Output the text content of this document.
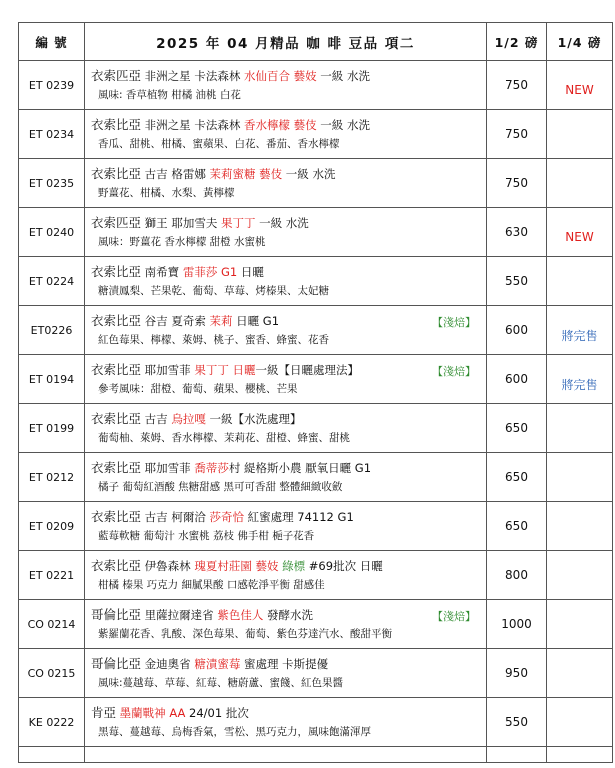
編 號	2025 年 04 月精品 咖 啡 豆品 項二	1/2 磅	1/4 磅
ET 0239	衣索匹亞 非洲之星 卡法森林 水仙百合 藝妓 一級 水洗
風味: 香草植物 柑橘 油桃 白花	750	NEW
ET 0234	衣索比亞 非洲之星 卡法森林 香水檸檬 藝伎 一級 水洗
香瓜、甜桃、柑橘、蜜蘋果、白花、番茄、香水檸檬	750	
ET 0235	衣索比亞 古吉 格雷娜 茉莉蜜糖 藝伎 一級 水洗
野薑花、柑橘、水梨、黃檸檬	750	
ET 0240	衣索匹亞 獅王 耶加雪夫 果丁丁 一級 水洗
風味：野薑花 香水檸檬 甜橙 水蜜桃	630	NEW
ET 0224	衣索比亞 南希寶 雷菲莎 G1 日曬
糖漬鳳梨、芒果乾、葡萄、草莓、烤榛果、太妃糖	550	
ET0226	衣索比亞 谷吉 夏奇索 茉莉 日曬 G1
紅色莓果、檸檬、萊姆、桃子、蜜香、蜂蜜、花香
【淺焙】	600	將完售
ET 0194	衣索比亞 耶加雪菲 果丁丁 日曬一級【日曬處理法】
參考風味：甜橙、葡萄、蘋果、櫻桃、芒果
【淺焙】	600	將完售
ET 0199	衣索比亞 古吉 烏拉嘎 一級【水洗處理】
葡萄柚、萊姆、香水檸檬、茉莉花、甜橙、蜂蜜、甜桃	650	
ET 0212	衣索比亞 耶加雪菲 喬蒂莎村 緹格斯小農 厭氧日曬 G1
橘子 葡萄紅酒酸 焦糖甜感 黑可可香甜 整體細緻收斂	650	
ET 0209	衣索比亞 古吉 柯爾洽 莎奇恰 紅蜜處理 74112 G1
藍莓軟糖 葡萄汁 水蜜桃 荔枝 佛手柑 梔子花香	650	
ET 0221	衣索比亞 伊魯森林 瑰夏村莊園 藝妓 綠標 #69批次 日曬
柑橘 榛果 巧克力 細膩果酸 口感乾淨平衡 甜感佳	800	
CO 0214	哥倫比亞 里薩拉爾達省 紫色佳人 發酵水洗
紫羅蘭花香、乳酸、深色莓果、葡萄、紫色芬達汽水、酸甜平衡
【淺焙】	1000	
CO 0215	哥倫比亞 金迪奧省 糖漬蜜莓 蜜處理 卡斯提優
風味:蔓越莓、草莓、紅莓、糖蔚蘆、蜜餞、紅色果醬	950	
KE 0222	肯亞 墨蘭戰神 AA 24/01 批次
黑莓、蔓越莓、烏梅香氣，雪松、黑巧克力，風味飽滿渾厚	550	
